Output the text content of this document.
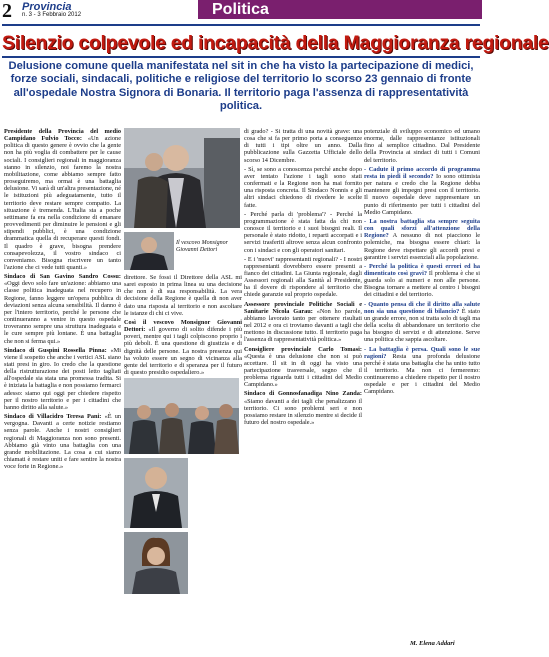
2 Provincia
n. 3 - 3 Febbraio 2012	Politica
Silenzio colpevole ed incapacità della Maggioranza regionale
Delusione comune quella manifestata nel sit in che ha visto la partecipazione di medici, forze sociali, sindacali, politiche e religiose del territorio lo scorso 23 gennaio di fronte all'ospedale Nostra Signora di Bonaria. Il territorio paga l'assenza di rappresentatività politica.

Presidente della Provincia del medio Campidano Fulvio Tocco: «Un azione politica di questo genere è ovvio che la gente non ha più voglia di combattere per le cause sociali. I consiglieri regionali in maggioranza stanno in silenzio, noi faremo la nostra mobilitazione, come abbiamo sempre fatto proseguiremo, ma ormai è una battaglia delusione. Vi sarà di un'altra presentazione, né le istituzioni più adeguatamente, tutto il territorio deve restare sempre compatto. La situazione è tremenda. L'Italia sta a poche settimane fa era nella condizione di emanare provvedimenti per diminuire le pensioni e gli stipendi pubblici, è una condizione drammatica quella di recuperare questi fondi. Il quadro è grave, bisogna prendere consapevolezza, il vostro sindaco ci conveniamo. Bisogna riscrivere un tanto l'azione che ci vede tutti quanti.»

Sindaco di San Gavino Sandro Cossu: «Oggi devo solo fare un'azione: abbiamo una classe politica inadeguata nel recupero in Regione, fanno leggere un'opera pubblica di deviazioni senza alcuna sensibilità. Il danno è per l'intero territorio, perché le persone che continueranno a venire in questo ospedale troveranno sempre una struttura inadeguata e le cure sempre più lontane. È una battaglia che non si ferma qui.»

Sindaco di Guspini Rossella Pinna: «Mi viene il sospetto che anche i vertici ASL siano stati presi in giro. Io credo che la questione della ristrutturazione dei posti letto tagliati all'ospedale sia stata una promessa tradita. Si è iniziata la battaglia e non possiamo fermarci adesso: siamo qui oggi per chiedere rispetto per il nostro territorio e per i cittadini che hanno diritto alla salute.»

Sindaco di Villacidro Teresa Pani: «È un vergogna. Davanti a certe notizie restiamo senza parole. Anche i nostri consiglieri regionali di Maggioranza non sono presenti. Abbiamo già vinto una battaglia con una grande mobilitazione. La cosa a cui siamo chiamati è restare uniti e fare sentire la nostra voce forte in Regione.»

direttore. Se fossi il Direttore della ASL mi sarei esposto in prima linea su una decisione che non è di sua responsabilità. La vera decisione della Regione è quella di non aver dato una risposta al territorio e non ascoltare le istanze di chi ci vive.

Così il vescovo Monsignor Giovanni Dettori: «Il governo di solito difende i più poveri, mentre qui i tagli colpiscono proprio i più deboli. È una questione di giustizia e di dignità delle persone. La nostra presenza qui ha voluto essere un segno di vicinanza alla gente del territorio e di speranza per il futuro di questo presidio ospedaliero.»

di grado? - Si tratta di una novità grave: una cosa che si fa per primo porta a conseguenze di tutti i tipi oltre un anno. Dalla pubblicazione sulla Gazzetta Ufficiale dello scorso 14 Dicembre.

- Sì, se sono a conoscenza perché anche dopo aver tentato l'azione i tagli sono stati confermati e la Regione non ha mai fornito una risposta concreta. Il Sindaco Nonnis e gli altri sindaci chiedono di rivedere le scelte fatte.

- Perché parla di 'problema'? - Perché la programmazione è stata fatta da chi non conosce il territorio e i suoi bisogni reali. Il personale è stato ridotto, i reparti accorpati e i servizi trasferiti altrove senza alcun confronto con i sindaci e con gli operatori sanitari.

- E i 'nuovi' rappresentanti regionali? - I nostri rappresentanti dovrebbero essere presenti a fianco dei cittadini. La Giunta regionale, dagli Assessori regionali alla Sanità al Presidente, ha il dovere di rispondere al territorio che chiede garanzie sul proprio ospedale.

Assessore provinciale Politiche Sociali e Sanitarie Nicola Garau: «Non ho parole, abbiamo lavorato tanto per ottenere risultati nel 2012 e ora ci troviamo davanti a tagli che mettono in discussione tutto. Il territorio paga l'assenza di rappresentatività politica.»

Consigliere provinciale Carlo Tomasi: «Questa è una delusione che non si può accettare. Il sit in di oggi ha visto una partecipazione trasversale, segno che il problema riguarda tutti i cittadini del Medio Campidano.»

Sindaco di Gonnosfanadiga Nino Zanda: «Siamo davanti a dei tagli che penalizzano il territorio. Ci sono problemi seri e non possiamo restare in silenzio mentre si decide il futuro del nostro ospedale.»

potenziale di sviluppo economico ed umano enorme, dalle rappresentanze istituzionali fino al semplice cittadino. Dal Presidente della Provincia ai sindaci di tutti i Comuni del territorio.

- Cadute il primo accordo di programma resta in piedi il secondo? Io sono ottimista per natura e credo che la Regione debba mantenere gli impegni presi con il territorio. Il nuovo ospedale deve rappresentare un punto di riferimento per tutti i cittadini del Medio Campidano.

- La nostra battaglia sta sempre seguita con quali sforzi all'attenzione della Regione? A nessuno di noi piacciono le polemiche, ma bisogna essere chiari: la Regione deve rispettare gli accordi presi e garantire i servizi essenziali alla popolazione.

- Perché la politica è questi errori ed ha dimenticato così gravi? Il problema è che si guarda solo ai numeri e non alle persone. Bisogna tornare a mettere al centro i bisogni dei cittadini e del territorio.

- Quanto pensa di che il diritto alla salute non sia una questione di bilancio? È stato un grande errore, non si tratta solo di tagli ma della scelta di abbandonare un territorio che ha bisogno di servizi e di attenzione. Serve una politica che sappia ascoltare.

- La battaglia è persa. Quali sono le sue ragioni? Resta una profonda delusione perché è stata una battaglia che ha unito tutto il territorio. Ma non ci fermeremo: continueremo a chiedere rispetto per il nostro ospedale e per i cittadini del Medio Campidano.

M. Elena Addari
Il vescovo Monsignor Giovanni Dettori
